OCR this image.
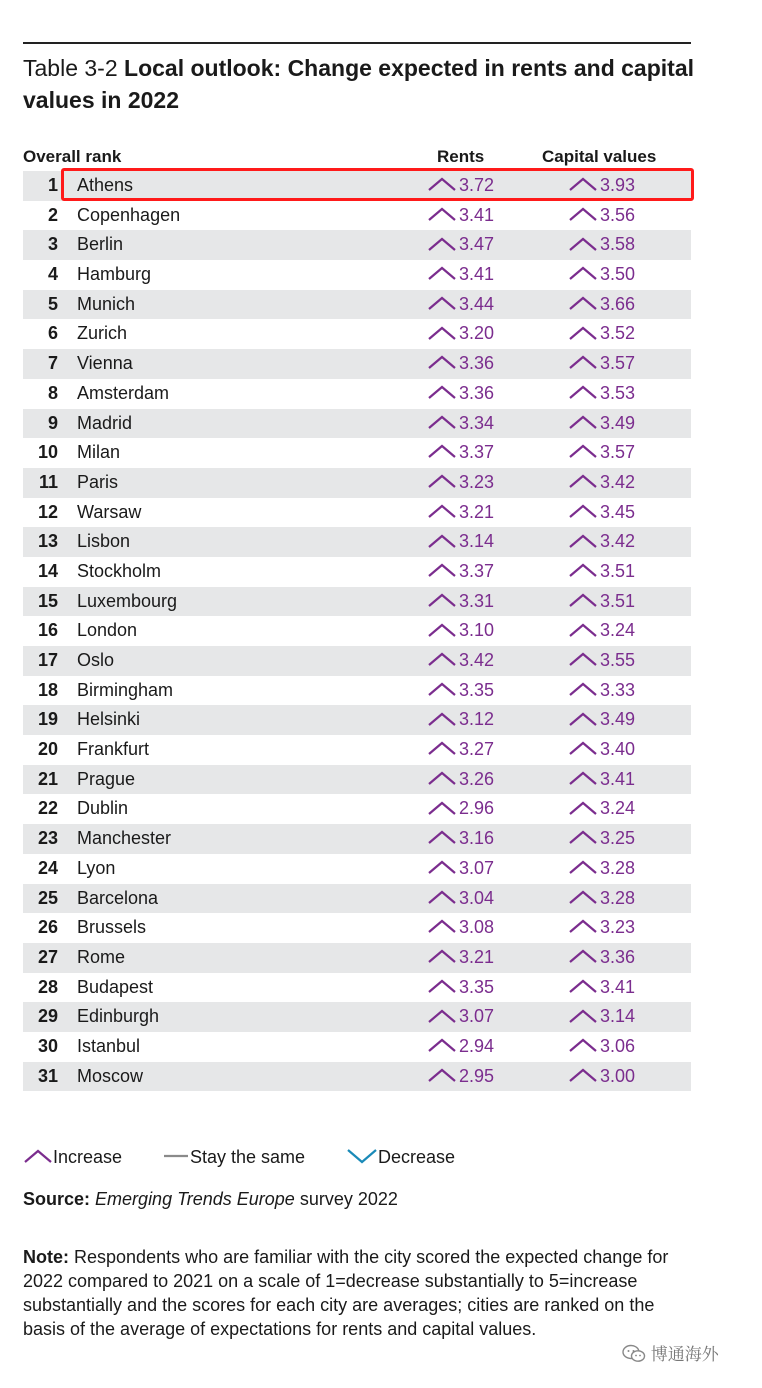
Table 3-2 Local outlook: Change expected in rents and capital values in 2022
Overall rank	Rents	Capital values
1 Athens	3.72	3.93
2 Copenhagen	3.41	3.56
3 Berlin	3.47	3.58
4 Hamburg	3.41	3.50
5 Munich	3.44	3.66
6 Zurich	3.20	3.52
7 Vienna	3.36	3.57
8 Amsterdam	3.36	3.53
9 Madrid	3.34	3.49
10 Milan	3.37	3.57
11 Paris	3.23	3.42
12 Warsaw	3.21	3.45
13 Lisbon	3.14	3.42
14 Stockholm	3.37	3.51
15 Luxembourg	3.31	3.51
16 London	3.10	3.24
17 Oslo	3.42	3.55
18 Birmingham	3.35	3.33
19 Helsinki	3.12	3.49
20 Frankfurt	3.27	3.40
21 Prague	3.26	3.41
22 Dublin	2.96	3.24
23 Manchester	3.16	3.25
24 Lyon	3.07	3.28
25 Barcelona	3.04	3.28
26 Brussels	3.08	3.23
27 Rome	3.21	3.36
28 Budapest	3.35	3.41
29 Edinburgh	3.07	3.14
30 Istanbul	2.94	3.06
31 Moscow	2.95	3.00
Increase	Stay the same	Decrease
Source: Emerging Trends Europe survey 2022
Note: Respondents who are familiar with the city scored the expected change for 2022 compared to 2021 on a scale of 1=decrease substantially to 5=increase substantially and the scores for each city are averages; cities are ranked on the basis of the average of expectations for rents and capital values.
博通海外
